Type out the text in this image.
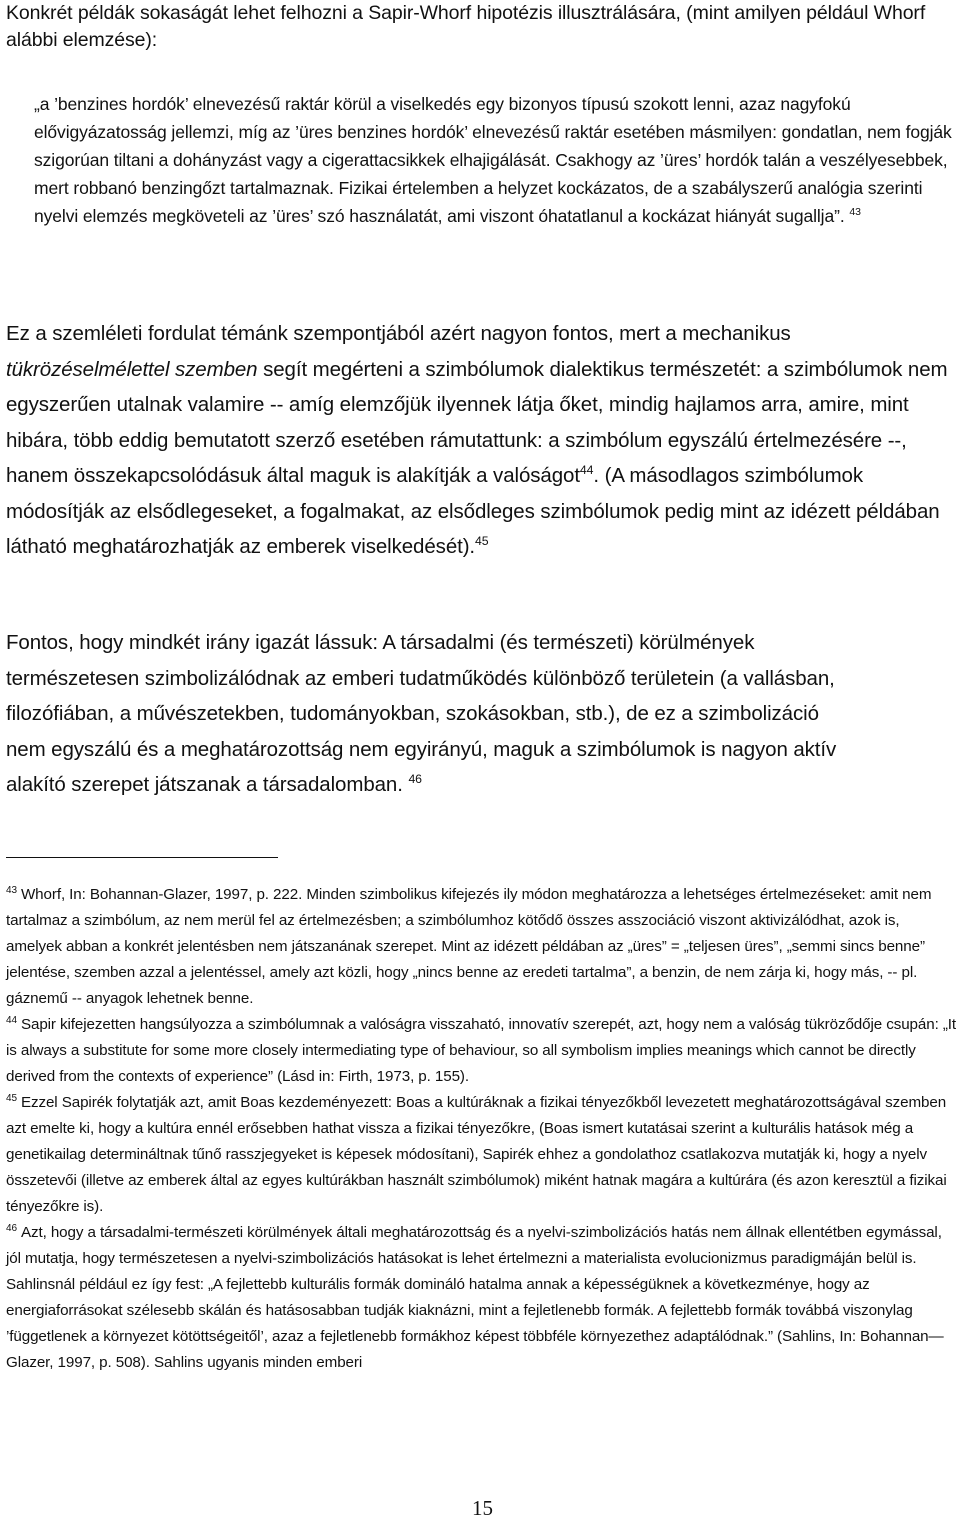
Konkrét példák sokaságát lehet felhozni a Sapir-Whorf hipotézis illusztrálására, (mint amilyen például Whorf alábbi elemzése):

„a ’benzines hordók’ elnevezésű raktár körül a viselkedés egy bizonyos típusú szokott lenni, azaz nagyfokú elővigyázatosság jellemzi, míg az ’üres benzines hordók’ elnevezésű raktár esetében másmilyen: gondatlan, nem fogják szigorúan tiltani a dohányzást vagy a cigerattacsikkek elhajigálását. Csakhogy az ’üres’ hordók talán a veszélyesebbek, mert robbanó benzingőzt tartalmaznak. Fizikai értelemben a helyzet kockázatos, de a szabályszerű analógia szerinti nyelvi elemzés megköveteli az ’üres’ szó használatát, ami viszont óhatatlanul a kockázat hiányát sugallja”. $^{43}$

Ez a szemléleti fordulat témánk szempontjából azért nagyon fontos, mert a mechanikus tükrözéselmélettel szemben segít megérteni a szimbólumok dialektikus természetét: a szimbólumok nem egyszerűen utalnak valamire -- amíg elemzőjük ilyennek látja őket, mindig hajlamos arra, amire, mint hibára, több eddig bemutatott szerző esetében rámutattunk: a szimbólum egyszálú értelmezésére --, hanem összekapcsolódásuk által maguk is alakítják a valóságot$^{44}$. (A másodlagos szimbólumok módosítják az elsődlegeseket, a fogalmakat, az elsődleges szimbólumok pedig mint az idézett példában látható meghatározhatják az emberek viselkedését).$^{45}$

Fontos, hogy mindkét irány igazát lássuk: A társadalmi (és természeti) körülmények
természetesen szimbolizálódnak az emberi tudatműködés különböző területein (a vallásban,
filozófiában, a művészetekben, tudományokban, szokásokban, stb.), de ez a szimbolizáció
nem egyszálú és a meghatározottság nem egyirányú, maguk a szimbólumok is nagyon aktív
alakító szerepet játszanak a társadalomban. $^{46}$

$^{43}$ Whorf, In: Bohannan-Glazer, 1997, p. 222. Minden szimbolikus kifejezés ily módon meghatározza a lehetséges értelmezéseket: amit nem tartalmaz a szimbólum, az nem merül fel az értelmezésben; a szimbólumhoz kötődő összes asszociáció viszont aktivizálódhat, azok is, amelyek abban a konkrét jelentésben nem játszanának szerepet. Mint az idézett példában az „üres” = „teljesen üres”, „semmi sincs benne” jelentése, szemben azzal a jelentéssel, amely azt közli, hogy „nincs benne az eredeti tartalma”, a benzin, de nem zárja ki, hogy más, -- pl. gáznemű -- anyagok lehetnek benne.

$^{44}$ Sapir kifejezetten hangsúlyozza a szimbólumnak a valóságra visszaható, innovatív szerepét, azt, hogy nem a valóság tükröződője csupán: „It is always a substitute for some more closely intermediating type of behaviour, so all symbolism implies meanings which cannot be directly derived from the contexts of experience” (Lásd in: Firth, 1973, p. 155).

$^{45}$ Ezzel Sapirék folytatják azt, amit Boas kezdeményezett: Boas a kultúráknak a fizikai tényezőkből levezetett meghatározottságával szemben azt emelte ki, hogy a kultúra ennél erősebben hathat vissza a fizikai tényezőkre, (Boas ismert kutatásai szerint a kulturális hatások még a genetikailag determináltnak tűnő rasszjegyeket is képesek módosítani), Sapirék ehhez a gondolathoz csatlakozva mutatják ki, hogy a nyelv összetevői (illetve az emberek által az egyes kultúrákban használt szimbólumok) miként hatnak magára a kultúrára (és azon keresztül a fizikai tényezőkre is).

$^{46}$ Azt, hogy a társadalmi-természeti körülmények általi meghatározottság és a nyelvi-szimbolizációs hatás nem állnak ellentétben egymással, jól mutatja, hogy természetesen a nyelvi-szimbolizációs hatásokat is lehet értelmezni a materialista evolucionizmus paradigmáján belül is. Sahlinsnál például ez így fest: „A fejlettebb kulturális formák domináló hatalma annak a képességüknek a következménye, hogy az energiaforrásokat szélesebb skálán és hatásosabban tudják kiaknázni, mint a fejletlenebb formák. A fejlettebb formák továbbá viszonylag ’függetlenek a környezet kötöttségeitől’, azaz a fejletlenebb formákhoz képest többféle környezethez adaptálódnak.” (Sahlins, In: Bohannan—Glazer, 1997, p. 508). Sahlins ugyanis minden emberi

15
